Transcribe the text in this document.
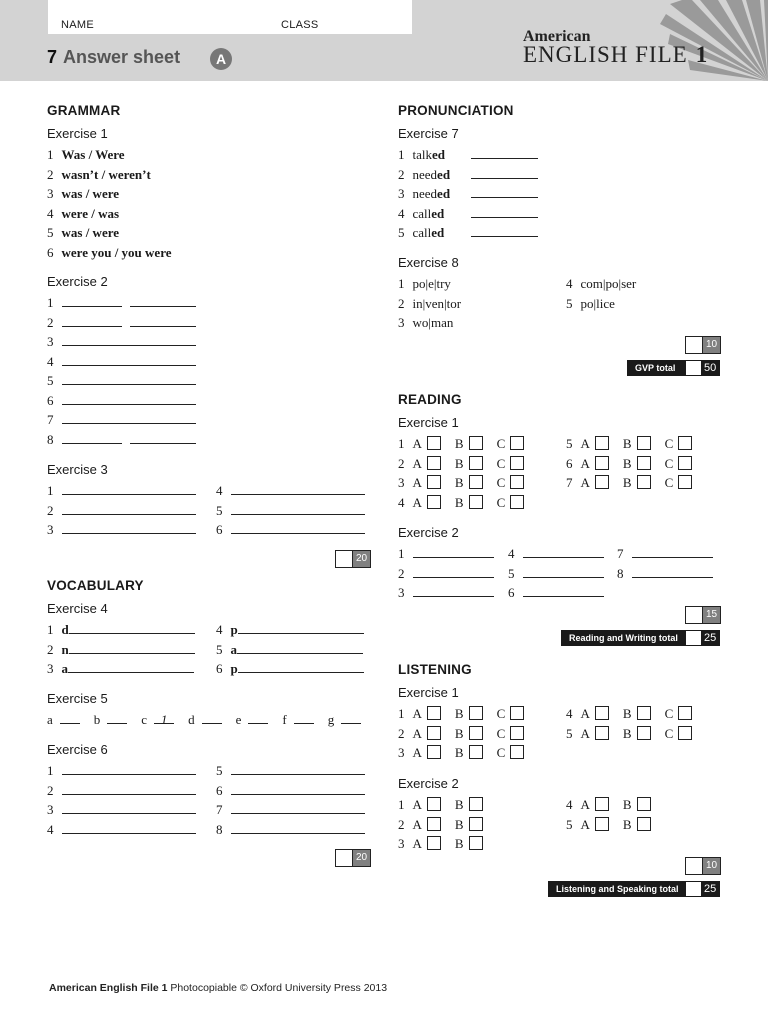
NAME	CLASS
7 Answer sheet	A
American
ENGLISH FILE 1
American English File 1 Photocopiable © Oxford University Press 2013
GRAMMAR
Exercise 1
1 Was / Were
2 wasn’t / weren’t
3 was / were
4 were / was
5 was / were
6 were you / you were
Exercise 2
1
2
3
4
5
6
7
8
Exercise 3
1
2
3
4
5
6
20
VOCABULARY
Exercise 4
1 d
2 n
3 a
4 p
5 a
6 p
Exercise 5
a	b	c 1 d	e	f	g
Exercise 6
1
2
3
4
5
6
7
8
20
PRONUNCIATION
Exercise 7
1 talked
2 needed
3 needed
4 called
5 called
Exercise 8
1 po|e|try
2 in|ven|tor
3 wo|man
4 com|po|ser
5 po|lice
10
GVP total	50
READING
Exercise 1
1 A	B	C
2 A	B	C
3 A	B	C
4 A	B	C
5 A	B	C
6 A	B	C
7 A	B	C
Exercise 2
1
2
3
4
5
6
7
8
15
Reading and Writing total 25
LISTENING
Exercise 1
1 A	B	C
2 A	B	C
3 A	B	C
4 A	B	C
5 A	B	C
Exercise 2
1 A	B
2 A	B
3 A	B
4 A	B
5 A	B
10
Listening and Speaking total 25
